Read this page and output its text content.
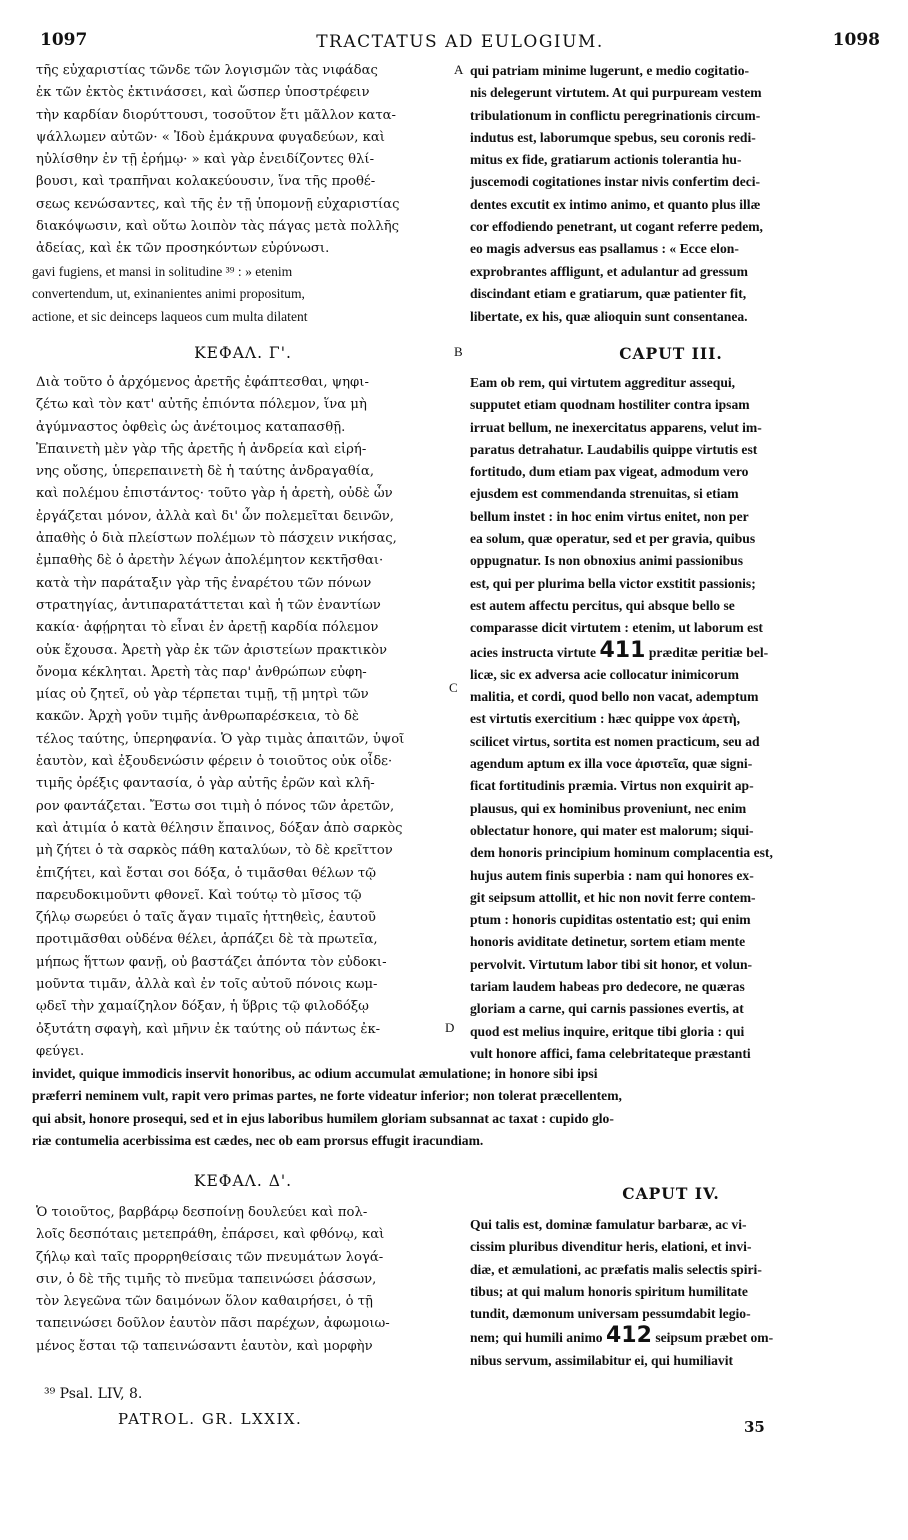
1097	TRACTATUS AD EULOGIUM.	1098
τῆς εὐχαριστίας τῶνδε τῶν λογισμῶν τὰς νιφάδας
ἐκ τῶν ἐκτὸς ἐκτινάσσει, καὶ ὥσπερ ὑποστρέφειν
τὴν καρδίαν διορύττουσι, τοσοῦτον ἔτι μᾶλλον κατα-
ψάλλωμεν αὐτῶν· « Ἰδοὺ ἐμάκρυνα φυγαδεύων, καὶ
ηὐλίσθην ἐν τῇ ἐρήμῳ· » καὶ γὰρ ἐνειδίζοντες θλί-
βουσι, καὶ τραπῆναι κολακεύουσιν, ἵνα τῆς προθέ-
σεως κενώσαντες, καὶ τῆς ἐν τῇ ὑπομονῇ εὐχαριστίας
διακόψωσιν, καὶ οὕτω λοιπὸν τὰς πάγας μετὰ πολλῆς
ἀδείας, καὶ ἐκ τῶν προσηκόντων εὐρύνωσι.
A qui patriam minime lugerunt, e medio cogitatio-
nis delegerunt virtutem. At qui purpuream vestem
tribulationum in conflictu peregrinationis circum-
indutus est, laborumque spebus, seu coronis redi-
mitus ex fide, gratiarum actionis tolerantia hu-
juscemodi cogitationes instar nivis confertim deci-
dentes excutit ex intimo animo, et quanto plus illæ
cor effodiendo penetrant, ut cogant referre pedem,
eo magis adversus eas psallamus : « Ecce elon-
gavi fugiens, et mansi in solitudine ³⁹ : » etenim
convertendum, ut, exinanientes animi propositum,
actione, et sic deinceps laqueos cum multa dilatent
exprobrantes affligunt, et adulantur ad gressum
discindant etiam e gratiarum, quæ patienter fit,
libertate, ex his, quæ alioquin sunt consentanea.
ΚΕΦΑΛ. Γ'.	B	CAPUT III.
Διὰ τοῦτο ὁ ἀρχόμενος ἀρετῆς ἐφάπτεσθαι, ψηφι-
ζέτω καὶ τὸν κατ' αὐτῆς ἐπιόντα πόλεμον, ἵνα μὴ
ἀγύμναστος ὀφθεὶς ὡς ἀνέτοιμος καταπασθῇ.
Ἐπαινετὴ μὲν γὰρ τῆς ἀρετῆς ἡ ἀνδρεία καὶ εἰρή-
νης οὔσης, ὑπερεπαινετὴ δὲ ἡ ταύτης ἀνδραγαθία,
καὶ πολέμου ἐπιστάντος· τοῦτο γὰρ ἡ ἀρετὴ, οὐδὲ ὧν
ἐργάζεται μόνον, ἀλλὰ καὶ δι' ὧν πολεμεῖται δεινῶν,
ἀπαθὴς ὁ διὰ πλείστων πολέμων τὸ πάσχειν νικήσας,
ἐμπαθὴς δὲ ὁ ἀρετὴν λέγων ἀπολέμητον κεκτῆσθαι·
κατὰ τὴν παράταξιν γὰρ τῆς ἐναρέτου τῶν πόνων
στρατηγίας, ἀντιπαρατάττεται καὶ ἡ τῶν ἐναντίων
κακία· ἀφῄρηται τὸ εἶναι ἐν ἀρετῇ καρδία πόλεμον
οὐκ ἔχουσα. Ἀρετὴ γὰρ ἐκ τῶν ἀριστείων πρακτικὸν
ὄνομα κέκληται. Ἀρετὴ τὰς παρ' ἀνθρώπων εὐφη-
μίας οὐ ζητεῖ, οὐ γὰρ τέρπεται τιμῇ, τῇ μητρὶ τῶν
κακῶν. Ἀρχὴ γοῦν τιμῆς ἀνθρωπαρέσκεια, τὸ δὲ
τέλος ταύτης, ὑπερηφανία. Ὁ γὰρ τιμὰς ἀπαιτῶν, ὑψοῖ
ἑαυτὸν, καὶ ἐξουδενώσιν φέρειν ὁ τοιοῦτος οὐκ οἶδε·
τιμῆς ὀρέξις φαντασία, ὁ γὰρ αὐτῆς ἐρῶν καὶ κλῆ-
ρον φαντάζεται. Ἔστω σοι τιμὴ ὁ πόνος τῶν ἀρετῶν,
καὶ ἀτιμία ὁ κατὰ θέλησιν ἔπαινος, δόξαν ἀπὸ σαρκὸς
μὴ ζήτει ὁ τὰ σαρκὸς πάθη καταλύων, τὸ δὲ κρεῖττον
ἐπιζήτει, καὶ ἔσται σοι δόξα, ὁ τιμᾶσθαι θέλων τῷ
παρευδοκιμοῦντι φθονεῖ. Καὶ τούτῳ τὸ μῖσος τῷ
ζήλῳ σωρεύει ὁ ταῖς ἄγαν τιμαῖς ἡττηθεὶς, ἑαυτοῦ
προτιμᾶσθαι οὐδένα θέλει, ἁρπάζει δὲ τὰ πρωτεῖα,
μήπως ἥττων φανῇ, οὐ βαστάζει ἀπόντα τὸν εὐδοκι-
μοῦντα τιμᾶν, ἀλλὰ καὶ ἐν τοῖς αὐτοῦ πόνοις κωμ-
ῳδεῖ τὴν χαμαίζηλον δόξαν, ἡ ὕβρις τῷ φιλοδόξῳ
ὀξυτάτη σφαγὴ, καὶ μῆνιν ἐκ ταύτης οὐ πάντως ἐκ-
φεύγει.
C
D
Eam ob rem, qui virtutem aggreditur assequi,
supputet etiam quodnam hostiliter contra ipsam
irruat bellum, ne inexercitatus apparens, velut im-
paratus detrahatur. Laudabilis quippe virtutis est
fortitudo, dum etiam pax vigeat, admodum vero
ejusdem est commendanda strenuitas, si etiam
bellum instet : in hoc enim virtus enitet, non per
ea solum, quæ operatur, sed et per gravia, quibus
oppugnatur. Is non obnoxius animi passionibus
est, qui per plurima bella victor exstitit passionis;
est autem affectu percitus, qui absque bello se
comparasse dicit virtutem : etenim, ut laborum est
acies instructa virtute 411 præditæ peritiæ bel-
licæ, sic ex adversa acie collocatur inimicorum
malitia, et cordi, quod bello non vacat, ademptum
est virtutis exercitium : hæc quippe vox ἀρετὴ,
scilicet virtus, sortita est nomen practicum, seu ad
agendum aptum ex illa voce ἀριστεῖα, quæ signi-
ficat fortitudinis præmia. Virtus non exquirit ap-
plausus, qui ex hominibus proveniunt, nec enim
oblectatur honore, qui mater est malorum; siqui-
dem honoris principium hominum complacentia est,
hujus autem finis superbia : nam qui honores ex-
git seipsum attollit, et hic non novit ferre contem-
ptum : honoris cupiditas ostentatio est; qui enim
honoris aviditate detinetur, sortem etiam mente
pervolvit. Virtutum labor tibi sit honor, et volun-
tariam laudem habeas pro dedecore, ne quæras
gloriam a carne, qui carnis passiones evertis, at
quod est melius inquire, eritque tibi gloria : qui
vult honore affici, fama celebritateque præstanti
invidet, quique immodicis inservit honoribus, ac odium accumulat æmulatione; in honore sibi ipsi
præferri neminem vult, rapit vero primas partes, ne forte videatur inferior; non tolerat præcellentem,
qui absit, honore prosequi, sed et in ejus laboribus humilem gloriam subsannat ac taxat : cupido glo-
riæ contumelia acerbissima est cædes, nec ob eam prorsus effugit iracundiam.
ΚΕΦΑΛ. Δ'.
CAPUT IV.
Ὁ τοιοῦτος, βαρβάρῳ δεσποίνῃ δουλεύει καὶ πολ-
λοῖς δεσπόταις μετεπράθη, ἐπάρσει, καὶ φθόνῳ, καὶ
ζήλῳ καὶ ταῖς προρρηθείσαις τῶν πνευμάτων λογά-
σιν, ὁ δὲ τῆς τιμῆς τὸ πνεῦμα ταπεινώσει ῥάσσων,
τὸν λεγεῶνα τῶν δαιμόνων ὅλον καθαιρήσει, ὁ τῇ
ταπεινώσει δοῦλον ἑαυτὸν πᾶσι παρέχων, ἀφωμοιω-
μένος ἔσται τῷ ταπεινώσαντι ἑαυτὸν, καὶ μορφὴν
Qui talis est, dominæ famulatur barbaræ, ac vi-
cissim pluribus divenditur heris, elationi, et invi-
diæ, et æmulationi, ac præfatis malis selectis spiri-
tibus; at qui malum honoris spiritum humilitate
tundit, dæmonum universam pessumdabit legio-
nem; qui humili animo 412 seipsum præbet om-
nibus servum, assimilabitur ei, qui humiliavit
³⁹ Psal. LIV, 8.
PATROL. GR. LXXIX.	35
